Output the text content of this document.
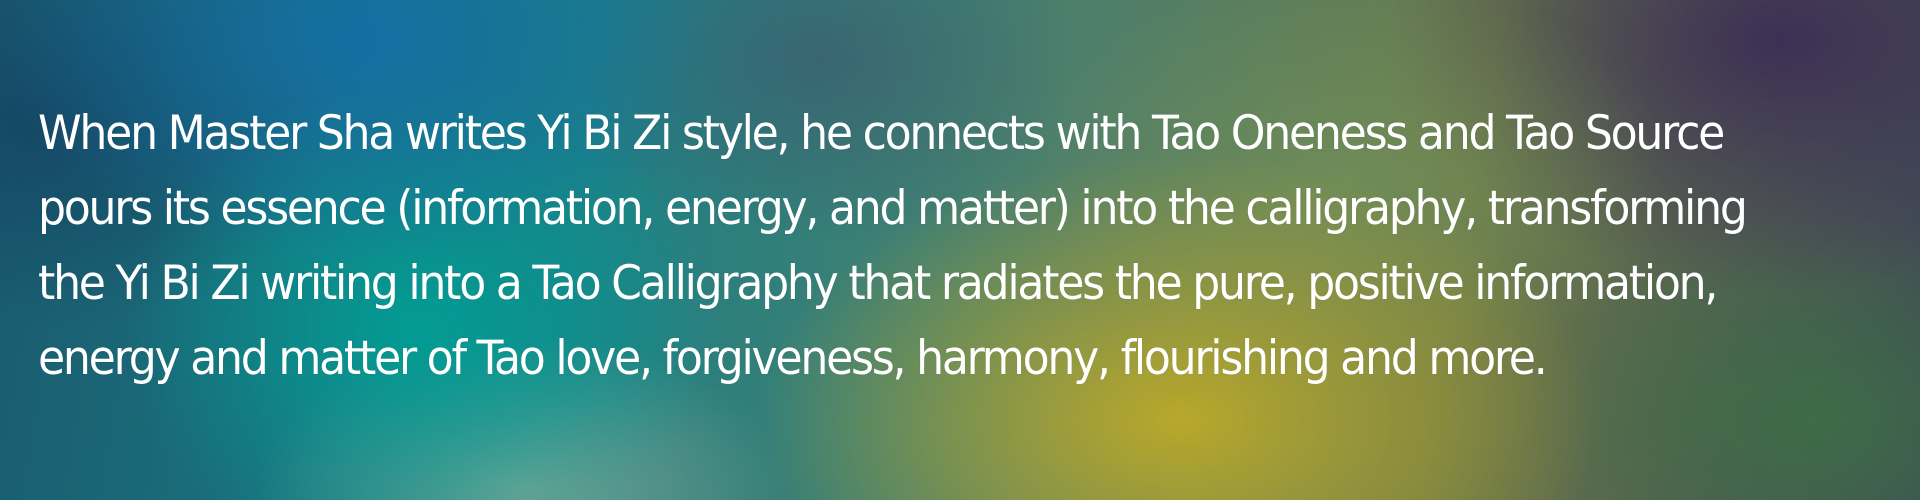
When Master Sha writes Yi Bi Zi style, he connects with Tao Oneness and Tao Source
pours its essence (information, energy, and matter) into the calligraphy, transforming
the Yi Bi Zi writing into a Tao Calligraphy that radiates the pure, positive information,
energy and matter of Tao love, forgiveness, harmony, flourishing and more.
